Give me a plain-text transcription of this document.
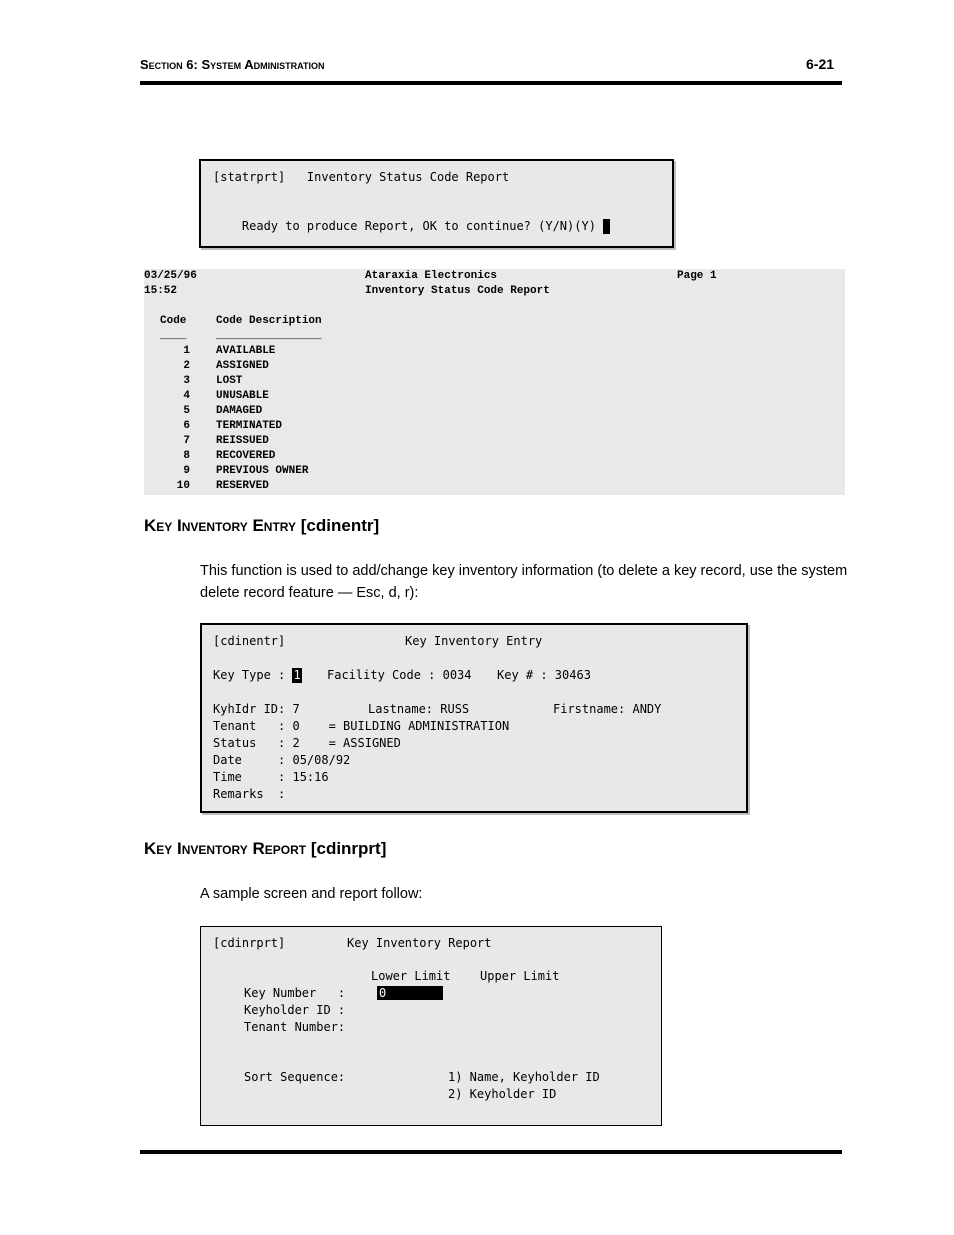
Section 6: System Administration	6-21
[statrprt]   Inventory Status Code Report

Ready to produce Report, OK to continue? (Y/N)(Y)

03/25/96
15:52
Ataraxia Electronics
Inventory Status Code Report
Page 1
Code	Code Description
____	________________
1 AVAILABLE
2 ASSIGNED
3 LOST
4 UNUSABLE
5 DAMAGED
6 TERMINATED
7 REISSUED
8 RECOVERED
9 PREVIOUS OWNER
10 RESERVED
Key Inventory Entry [cdinentr]
This function is used to add/change key inventory information (to delete a key record, use the system delete record feature — Esc, d, r):
[cdinentr]	Key Inventory Entry
Key Type : 1 Facility Code : 0034 Key # : 30463
KyhIdr ID: 7	Lastname: RUSS	Firstname: ANDY
Tenant   : 0    = BUILDING ADMINISTRATION
Status   : 2    = ASSIGNED
Date     : 05/08/92
Time     : 15:16
Remarks  :
Key Inventory Report [cdinrprt]
A sample screen and report follow:
[cdinrprt]	Key Inventory Report
Lower Limit Upper Limit
Key Number   :	0
Keyholder ID :
Tenant Number:
Sort Sequence:	1) Name, Keyholder ID
2) Keyholder ID
